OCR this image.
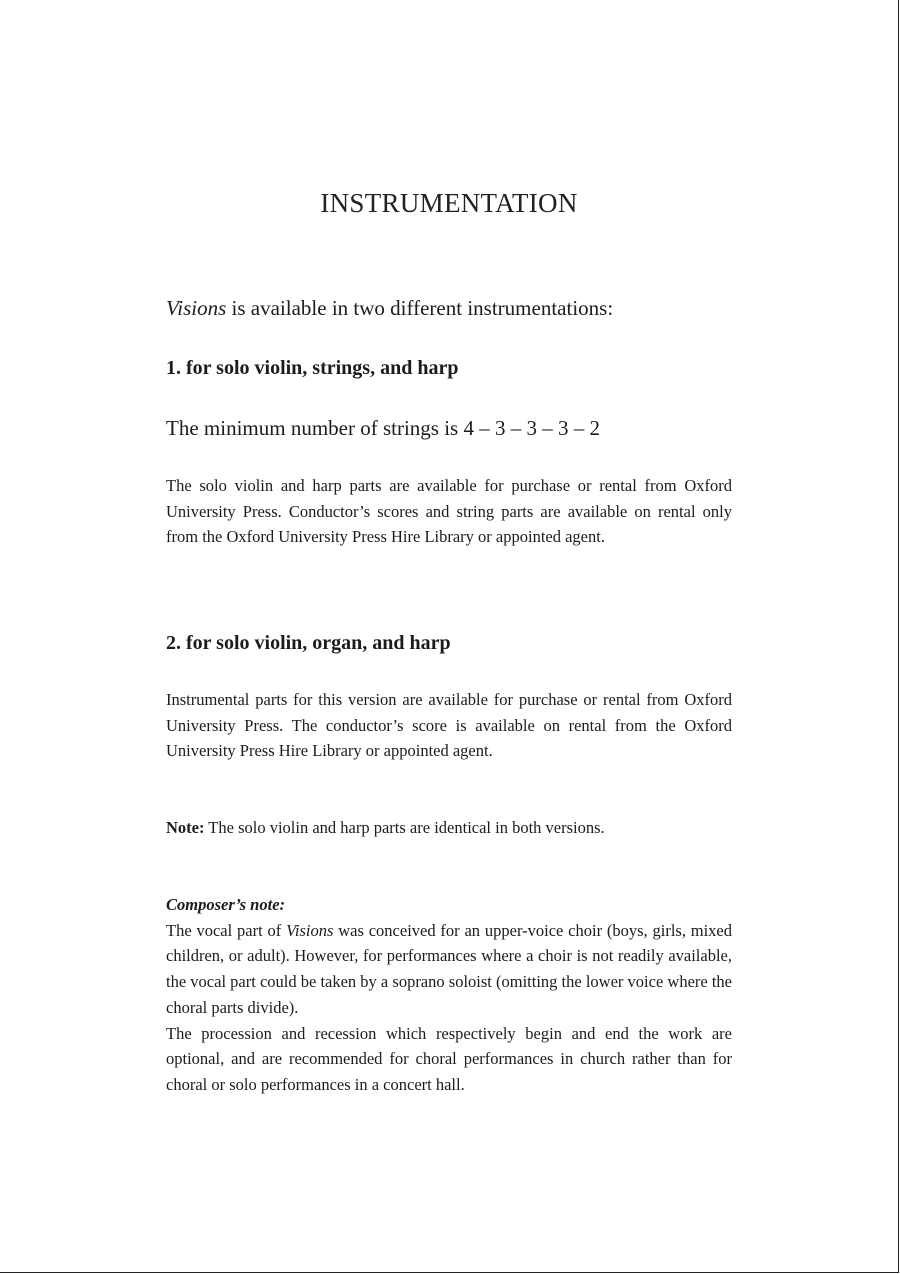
INSTRUMENTATION
Visions is available in two different instrumentations:
1. for solo violin, strings, and harp
The minimum number of strings is 4 – 3 – 3 – 3 – 2
The solo violin and harp parts are available for purchase or rental from Oxford University Press. Conductor’s scores and string parts are available on rental only from the Oxford University Press Hire Library or appointed agent.
2. for solo violin, organ, and harp
Instrumental parts for this version are available for purchase or rental from Oxford University Press. The conductor’s score is available on rental from the Oxford University Press Hire Library or appointed agent.
Note: The solo violin and harp parts are identical in both versions.
Composer’s note:
The vocal part of Visions was conceived for an upper-voice choir (boys, girls, mixed children, or adult). However, for performances where a choir is not readily available, the vocal part could be taken by a soprano soloist (omitting the lower voice where the choral parts divide).
The procession and recession which respectively begin and end the work are optional, and are recommended for choral performances in church rather than for choral or solo performances in a concert hall.
